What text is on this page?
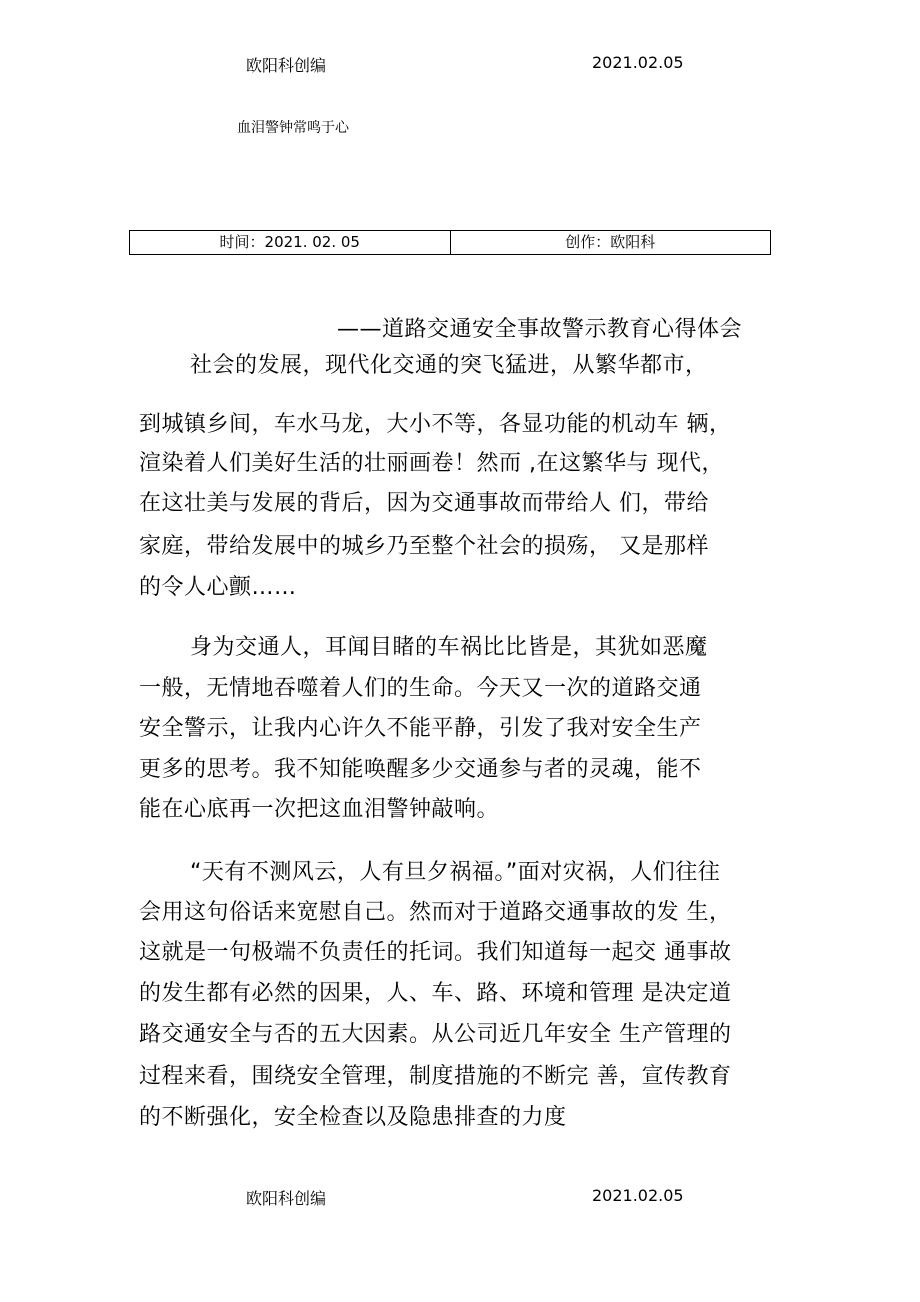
欧阳科创编	2021.02.05
血泪警钟常鸣于心
时间：2021. 02. 05	创作：欧阳科
——道路交通安全事故警示教育心得体会
社会的发展，现代化交通的突飞猛进，从繁华都市，
到城镇乡间，车水马龙，大小不等，各显功能的机动车 辆，
渲染着人们美好生活的壮丽画卷！然而 ,在这繁华与 现代，
在这壮美与发展的背后，因为交通事故而带给人 们，带给
家庭，带给发展中的城乡乃至整个社会的损殇， 又是那样
的令人心颤……
身为交通人，耳闻目睹的车祸比比皆是，其犹如恶魔
一般，无情地吞噬着人们的生命。今天又一次的道路交通
安全警示，让我内心许久不能平静，引发了我对安全生产
更多的思考。我不知能唤醒多少交通参与者的灵魂，能不
能在心底再一次把这血泪警钟敲响。
“天有不测风云，人有旦夕祸福。”面对灾祸，人们往往
会用这句俗话来宽慰自己。然而对于道路交通事故的发 生，
这就是一句极端不负责任的托词。我们知道每一起交 通事故
的发生都有必然的因果，人、车、路、环境和管理 是决定道
路交通安全与否的五大因素。从公司近几年安全 生产管理的
过程来看，围绕安全管理，制度措施的不断完 善，宣传教育
的不断强化，安全检查以及隐患排查的力度
欧阳科创编	2021.02.05
